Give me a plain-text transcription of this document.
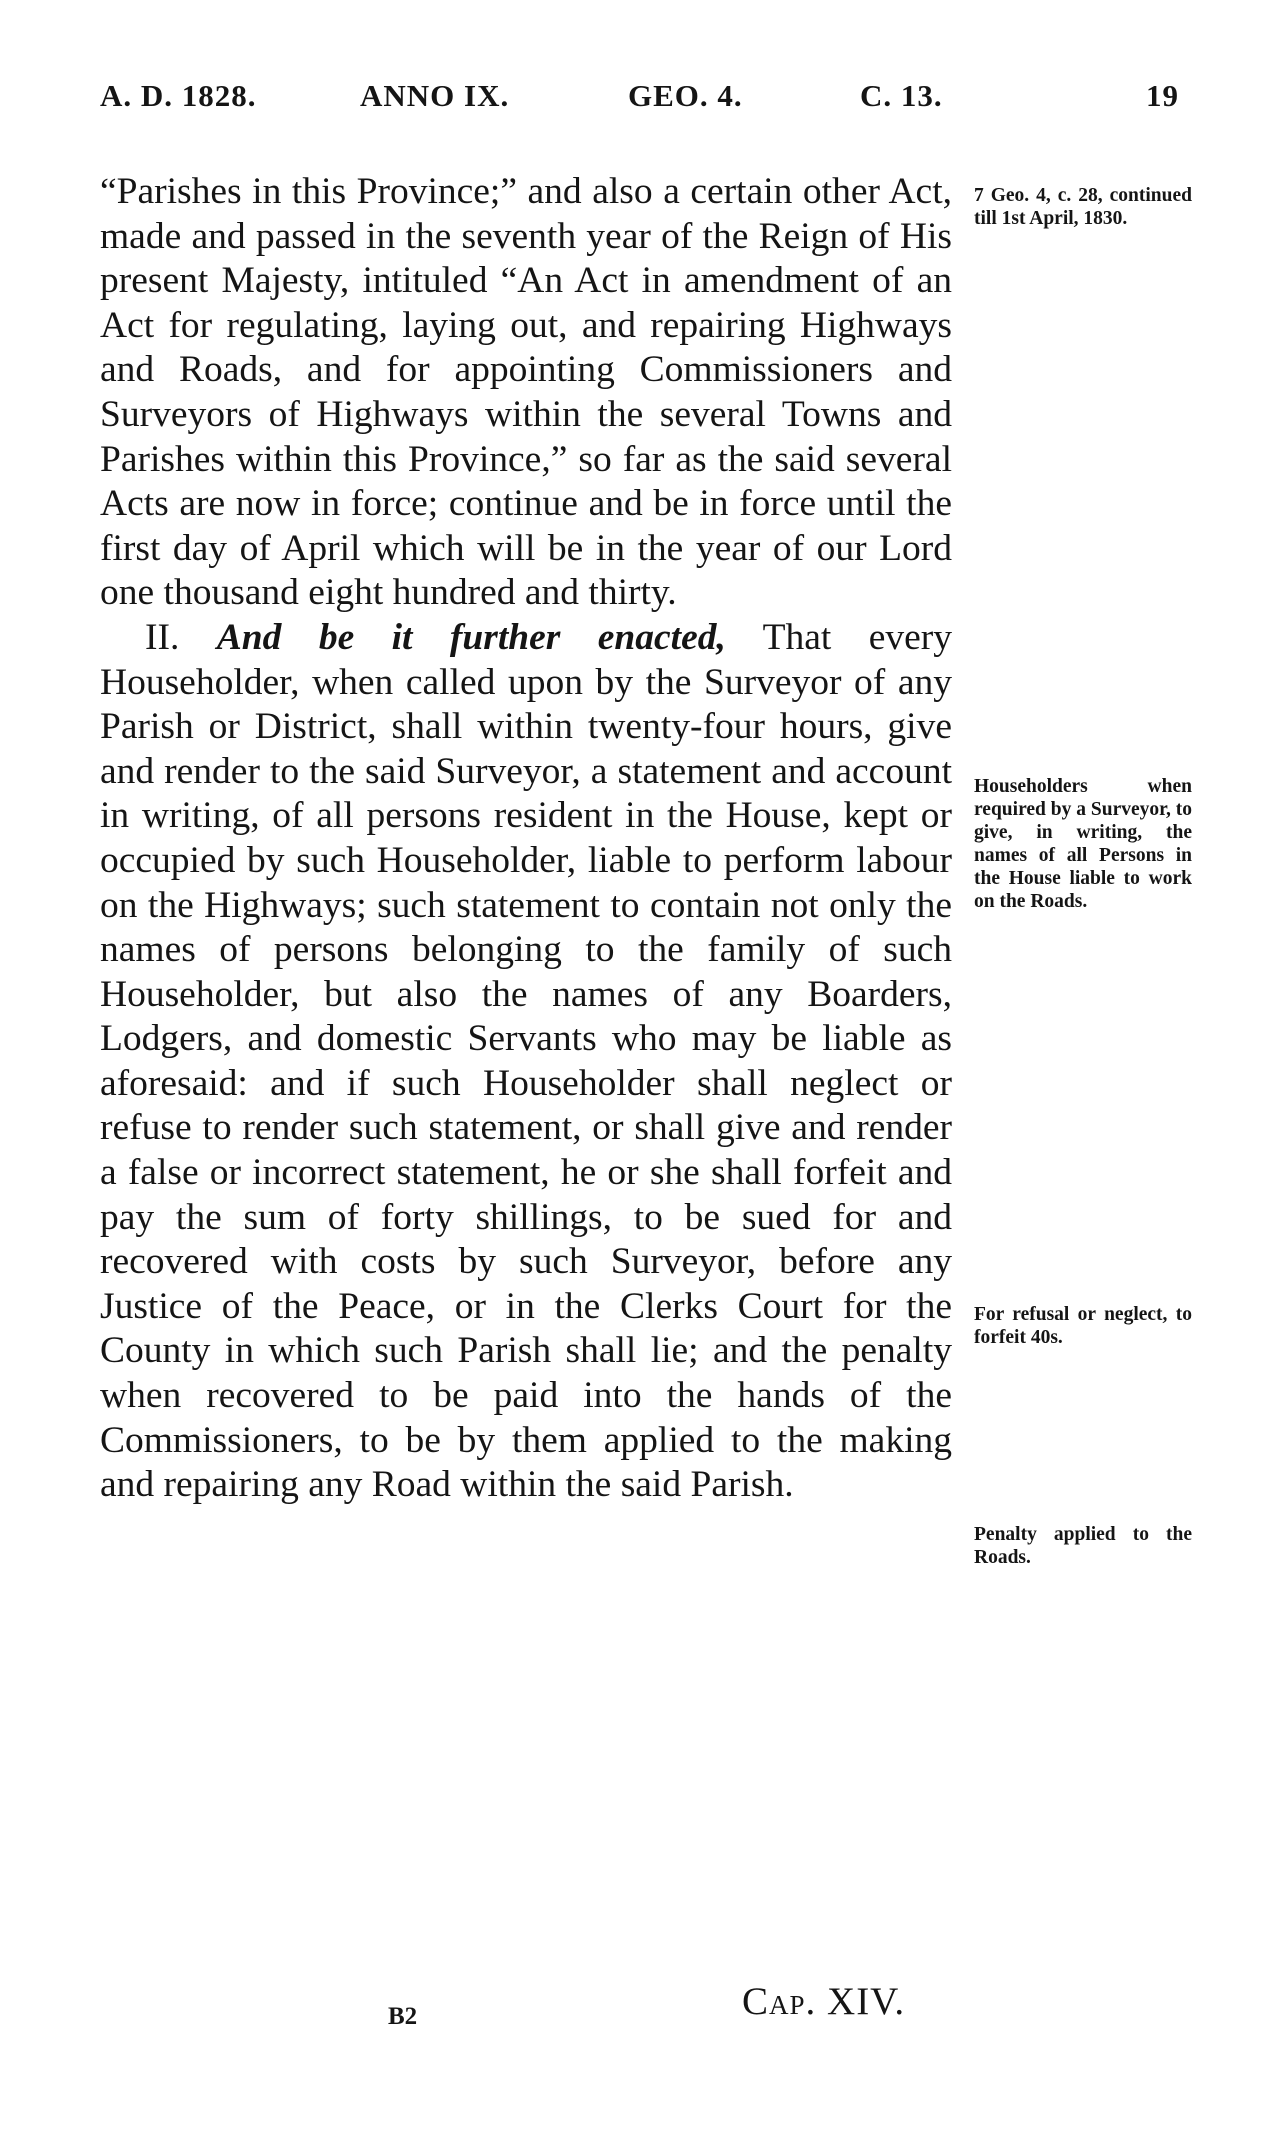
A. D. 1828.	ANNO IX.	GEO. 4.	C. 13.	19

“Parishes in this Province;” and also a certain other Act, made and passed in the seventh year of the Reign of His present Majesty, intituled “An Act in amendment of an Act for regulating, laying out, and repairing Highways and Roads, and for appointing Commissioners and Surveyors of Highways within the several Towns and Parishes within this Province,” so far as the said several Acts are now in force; continue and be in force until the first day of April which will be in the year of our Lord one thousand eight hundred and thirty.

II. And be it further enacted, That every Householder, when called upon by the Surveyor of any Parish or District, shall within twenty-four hours, give and render to the said Surveyor, a statement and account in writing, of all persons resident in the House, kept or occupied by such Householder, liable to perform labour on the Highways; such statement to contain not only the names of persons belonging to the family of such Householder, but also the names of any Boarders, Lodgers, and domestic Servants who may be liable as aforesaid: and if such Householder shall neglect or refuse to render such statement, or shall give and render a false or incorrect statement, he or she shall forfeit and pay the sum of forty shillings, to be sued for and recovered with costs by such Surveyor, before any Justice of the Peace, or in the Clerks Court for the County in which such Parish shall lie; and the penalty when recovered to be paid into the hands of the Commissioners, to be by them applied to the making and repairing any Road within the said Parish.

7 Geo. 4, c. 28, continued till 1st April, 1830.
Householders when required by a Surveyor, to give, in writing, the names of all Persons in the House liable to work on the Roads.
For refusal or neglect, to forfeit 40s.
Penalty applied to the Roads.
B2	Cap. XIV.
